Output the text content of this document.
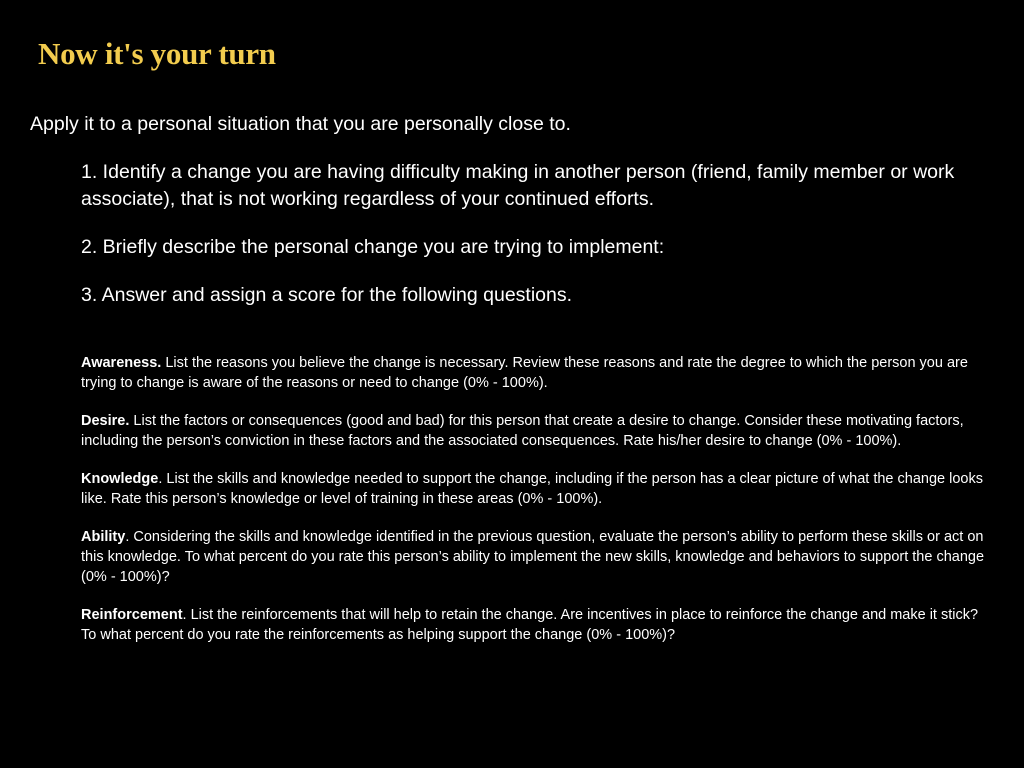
Now it's your turn
Apply it to a personal situation that you are personally close to.
1. Identify a change you are having difficulty making in another person (friend, family member or work associate), that is not working regardless of your continued efforts.
2. Briefly describe the personal change you are trying to implement:
3. Answer and assign a score for the following questions.
Awareness. List the reasons you believe the change is necessary. Review these reasons and rate the degree to which the person you are trying to change is aware of the reasons or need to change (0% - 100%).
Desire. List the factors or consequences (good and bad) for this person that create a desire to change. Consider these motivating factors, including the person’s conviction in these factors and the associated consequences. Rate his/her desire to change (0% - 100%).
Knowledge. List the skills and knowledge needed to support the change, including if the person has a clear picture of what the change looks like. Rate this person’s knowledge or level of training in these areas (0% - 100%).
Ability. Considering the skills and knowledge identified in the previous question, evaluate the person’s ability to perform these skills or act on this knowledge. To what percent do you rate this person’s ability to implement the new skills, knowledge and behaviors to support the change (0% - 100%)?
Reinforcement. List the reinforcements that will help to retain the change. Are incentives in place to reinforce the change and make it stick? To what percent do you rate the reinforcements as helping support the change (0% - 100%)?
